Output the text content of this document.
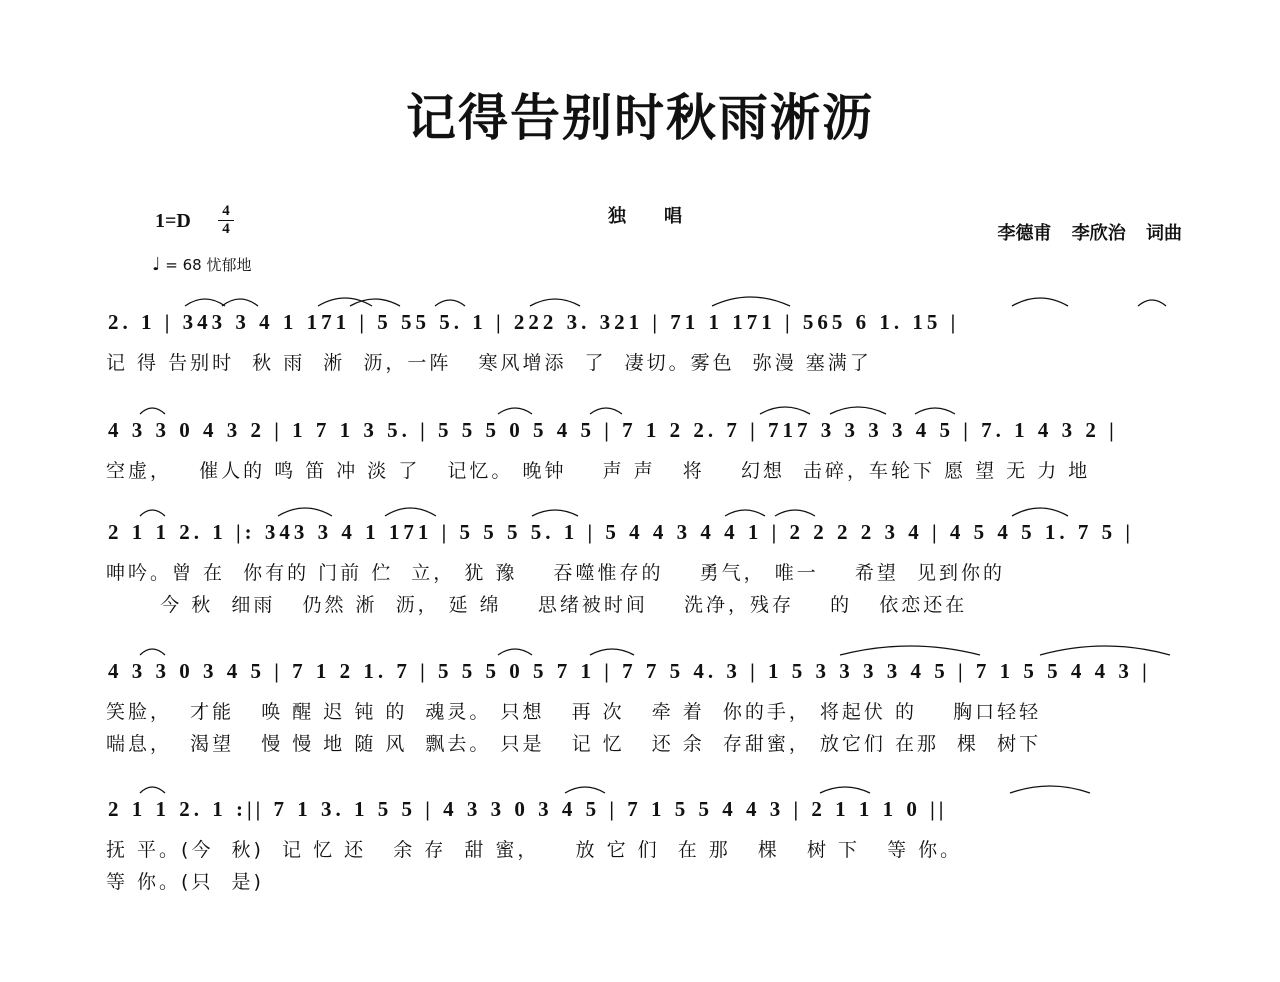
记得告别时秋雨淅沥
1=D 4
4
♩ = 68 忧郁地
独唱
李德甫 李欣治 词曲
2. 1 | 343 3 4 1 171 | 5 55 5. 1 | 222 3. 321 | 71 1 171 | 565 6 1. 15 |
记 得 告别时  秋 雨  淅  沥，一阵   寒风增添  了  凄切。雾色  弥漫 塞满了
4 3 3 0 4 3 2 | 1 7 1 3 5. | 5 5 5 0 5 4 5 | 7 1 2 2. 7 | 717 3 3 3 3 4 5 | 7. 1 4 3 2 |
空虚，   催人的 鸣 笛 冲 淡 了   记忆。 晚钟    声 声   将    幻想  击碎，车轮下 愿 望 无 力 地
2 1 1 2. 1 |: 343 3 4 1 171 | 5 5 5 5. 1 | 5 4 4 3 4 4 1 | 2 2 2 2 3 4 | 4 5 4 5 1. 7 5 |
呻吟。曾 在  你有的 门前 伫  立， 犹 豫    吞噬惟存的    勇气， 唯一    希望  见到你的
今 秋  细雨   仍然 淅  沥， 延 绵    思绪被时间    洗净，残存    的   依恋还在
4 3 3 0 3 4 5 | 7 1 2 1. 7 | 5 5 5 0 5 7 1 | 7 7 5 4. 3 | 1 5 3 3 3 3 4 5 | 7 1 5 5 4 4 3 |
笑脸，  才能   唤 醒 迟 钝 的  魂灵。 只想   再 次   牵 着  你的手， 将起伏 的    胸口轻轻
喘息，  渴望   慢 慢 地 随 风  飘去。 只是   记 忆   还 余  存甜蜜， 放它们 在那  棵  树下
2 1 1 2. 1 :|| 7 1 3. 1 5 5 | 4 3 3 0 3 4 5 | 7 1 5 5 4 4 3 | 2 1 1 1 0 ||
抚 平。(今  秋)  记 忆 还   余 存  甜 蜜，    放 它 们  在 那   棵   树 下   等 你。
等 你。(只  是)
